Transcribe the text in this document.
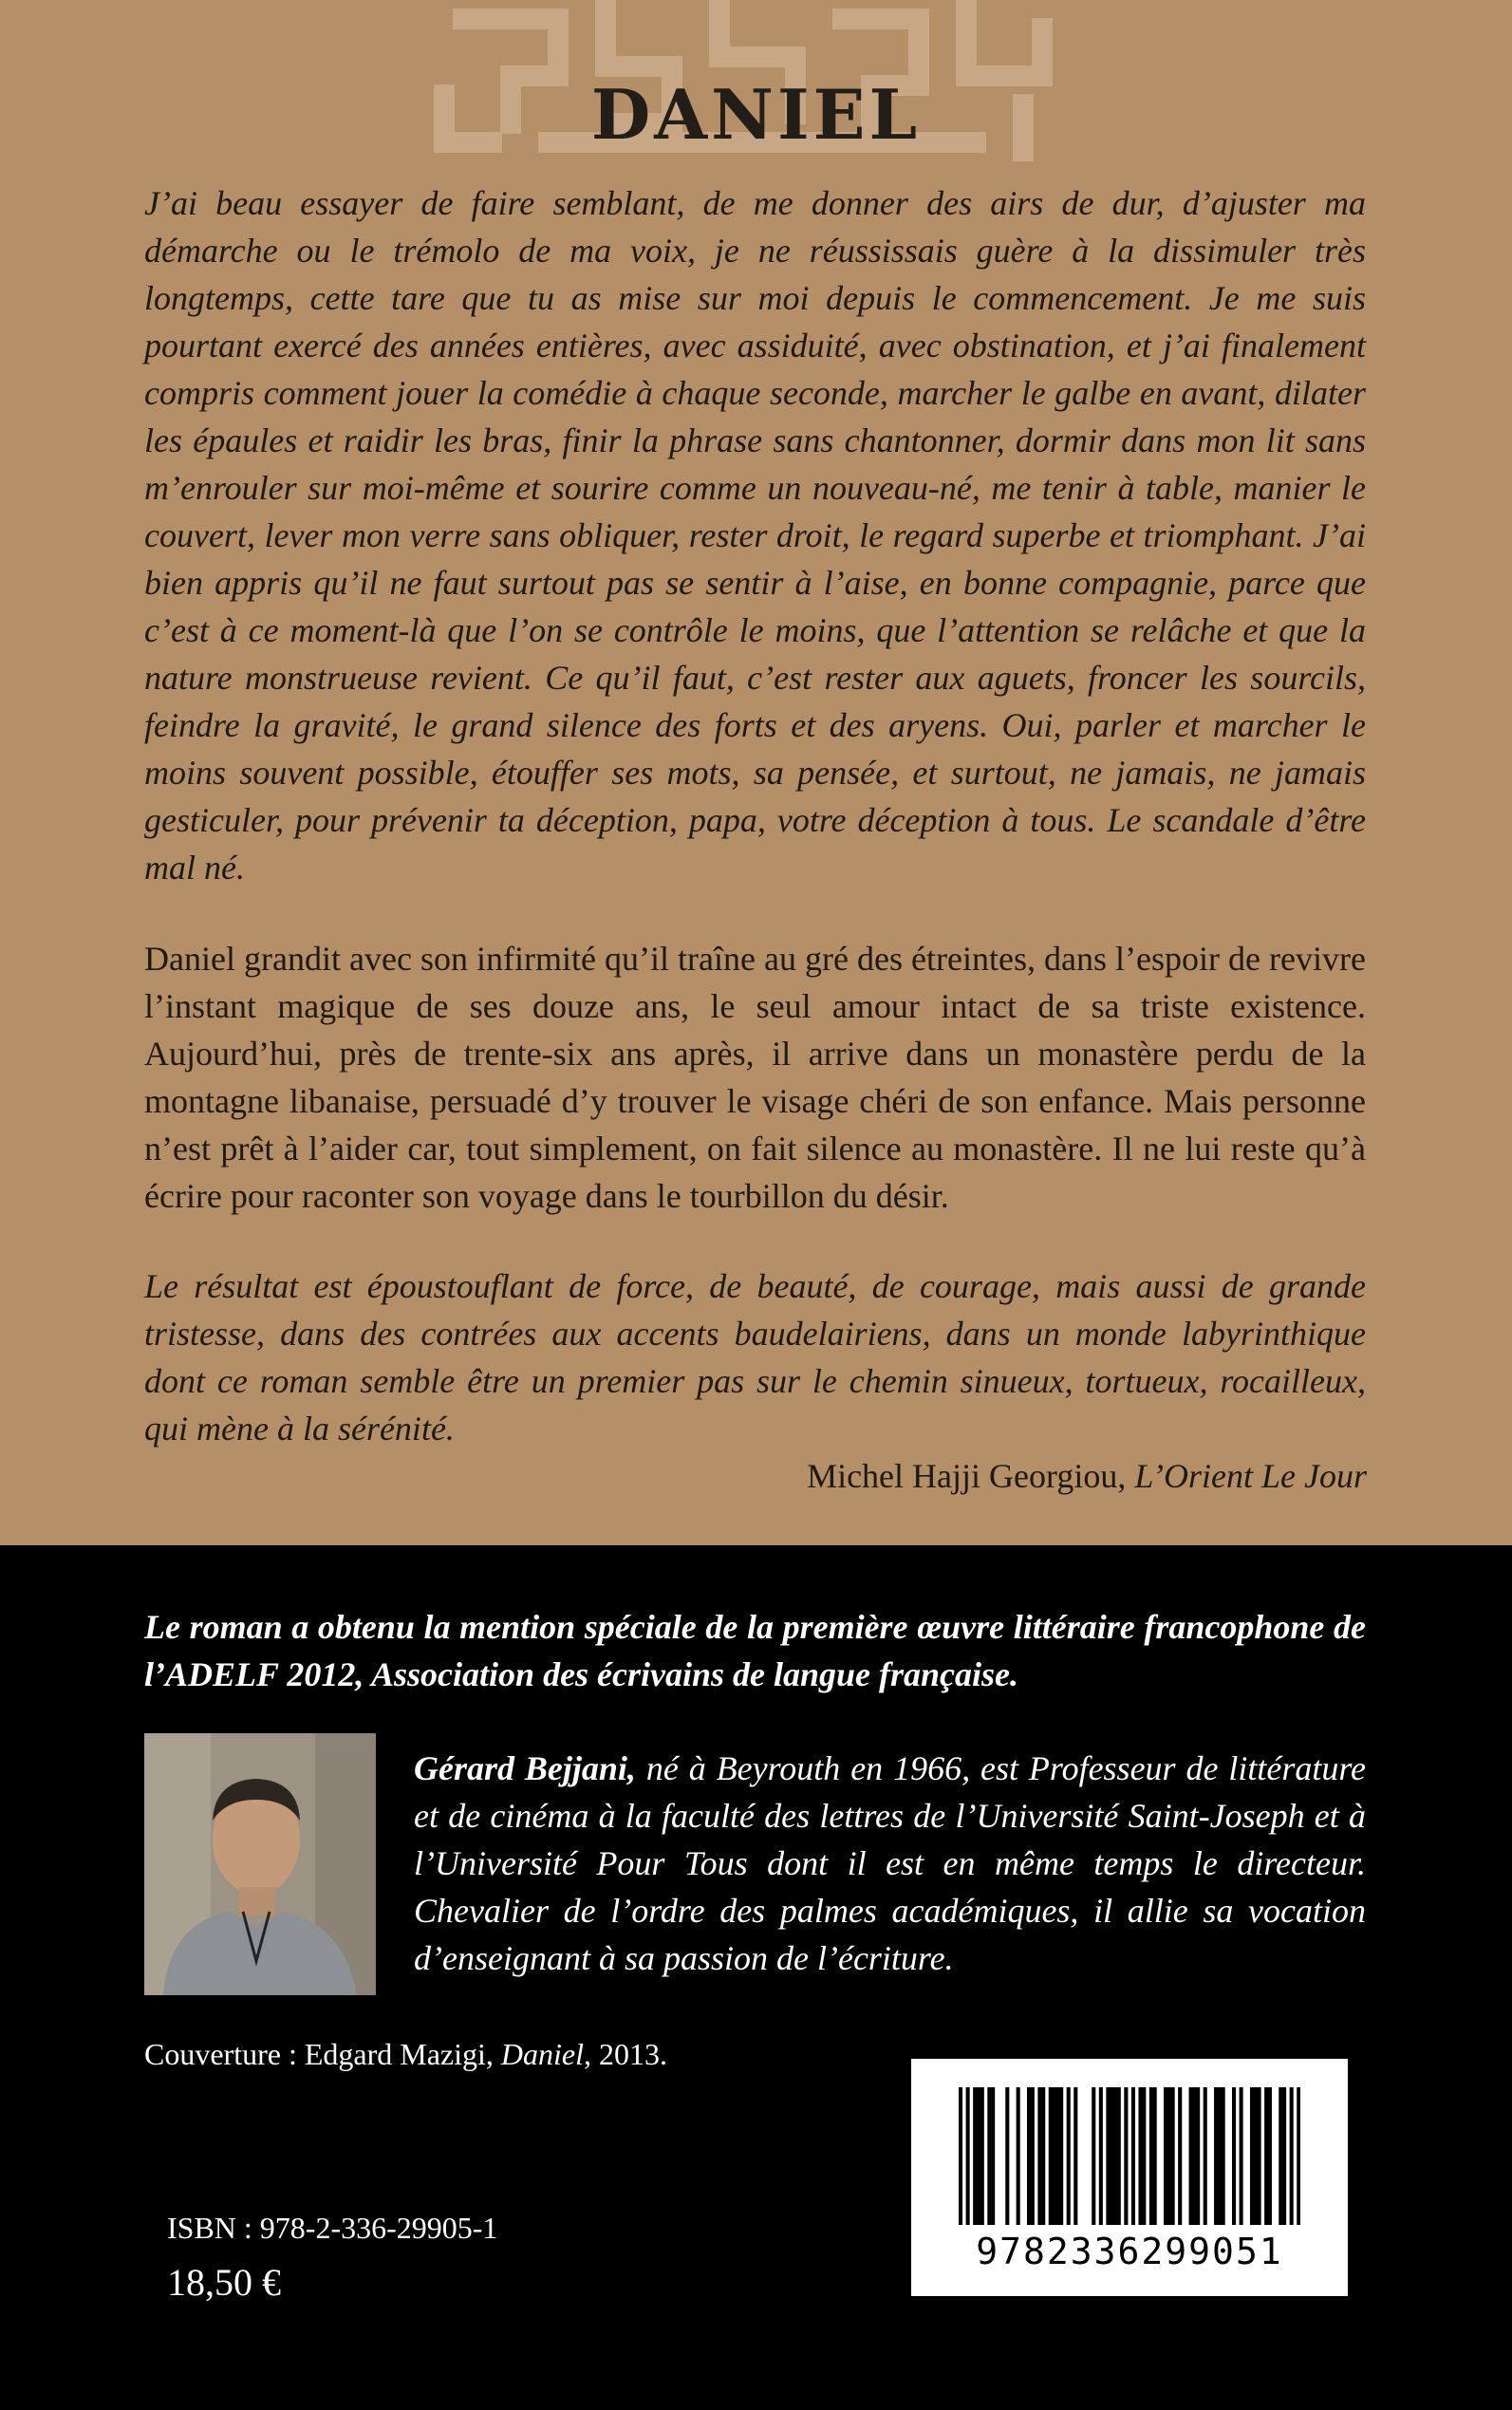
DANIEL

J’ai beau essayer de faire semblant, de me donner des airs de dur, d’ajuster ma démarche ou le trémolo de ma voix, je ne réussissais guère à la dissimuler très longtemps, cette tare que tu as mise sur moi depuis le commencement. Je me suis pourtant exercé des années entières, avec assiduité, avec obstination, et j’ai finalement compris comment jouer la comédie à chaque seconde, marcher le galbe en avant, dilater les épaules et raidir les bras, finir la phrase sans chantonner, dormir dans mon lit sans m’enrouler sur moi-même et sourire comme un nouveau-né, me tenir à table, manier le couvert, lever mon verre sans obliquer, rester droit, le regard superbe et triomphant. J’ai bien appris qu’il ne faut surtout pas se sentir à l’aise, en bonne compagnie, parce que c’est à ce moment-là que l’on se contrôle le moins, que l’attention se relâche et que la nature monstrueuse revient. Ce qu’il faut, c’est rester aux aguets, froncer les sourcils, feindre la gravité, le grand silence des forts et des aryens. Oui, parler et marcher le moins souvent possible, étouffer ses mots, sa pensée, et surtout, ne jamais, ne jamais gesticuler, pour prévenir ta déception, papa, votre déception à tous. Le scandale d’être mal né.

Daniel grandit avec son infirmité qu’il traîne au gré des étreintes, dans l’espoir de revivre l’instant magique de ses douze ans, le seul amour intact de sa triste existence. Aujourd’hui, près de trente-six ans après, il arrive dans un monastère perdu de la montagne libanaise, persuadé d’y trouver le visage chéri de son enfance. Mais personne n’est prêt à l’aider car, tout simplement, on fait silence au monastère. Il ne lui reste qu’à écrire pour raconter son voyage dans le tourbillon du désir.

Le résultat est époustouflant de force, de beauté, de courage, mais aussi de grande tristesse, dans des contrées aux accents baudelairiens, dans un monde labyrinthique dont ce roman semble être un premier pas sur le chemin sinueux, tortueux, rocailleux, qui mène à la sérénité.

Michel Hajji Georgiou, L’Orient Le Jour

Le roman a obtenu la mention spéciale de la première œuvre littéraire francophone de l’ADELF 2012, Association des écrivains de langue française.

Gérard Bejjani, né à Beyrouth en 1966, est Professeur de littérature et de cinéma à la faculté des lettres de l’Université Saint-Joseph et à l’Université Pour Tous dont il est en même temps le directeur. Chevalier de l’ordre des palmes académiques, il allie sa vocation d’enseignant à sa passion de l’écriture.

Couverture : Edgard Mazigi, Daniel, 2013.
ISBN : 978-2-336-29905-1
18,50 €
9782336299051
